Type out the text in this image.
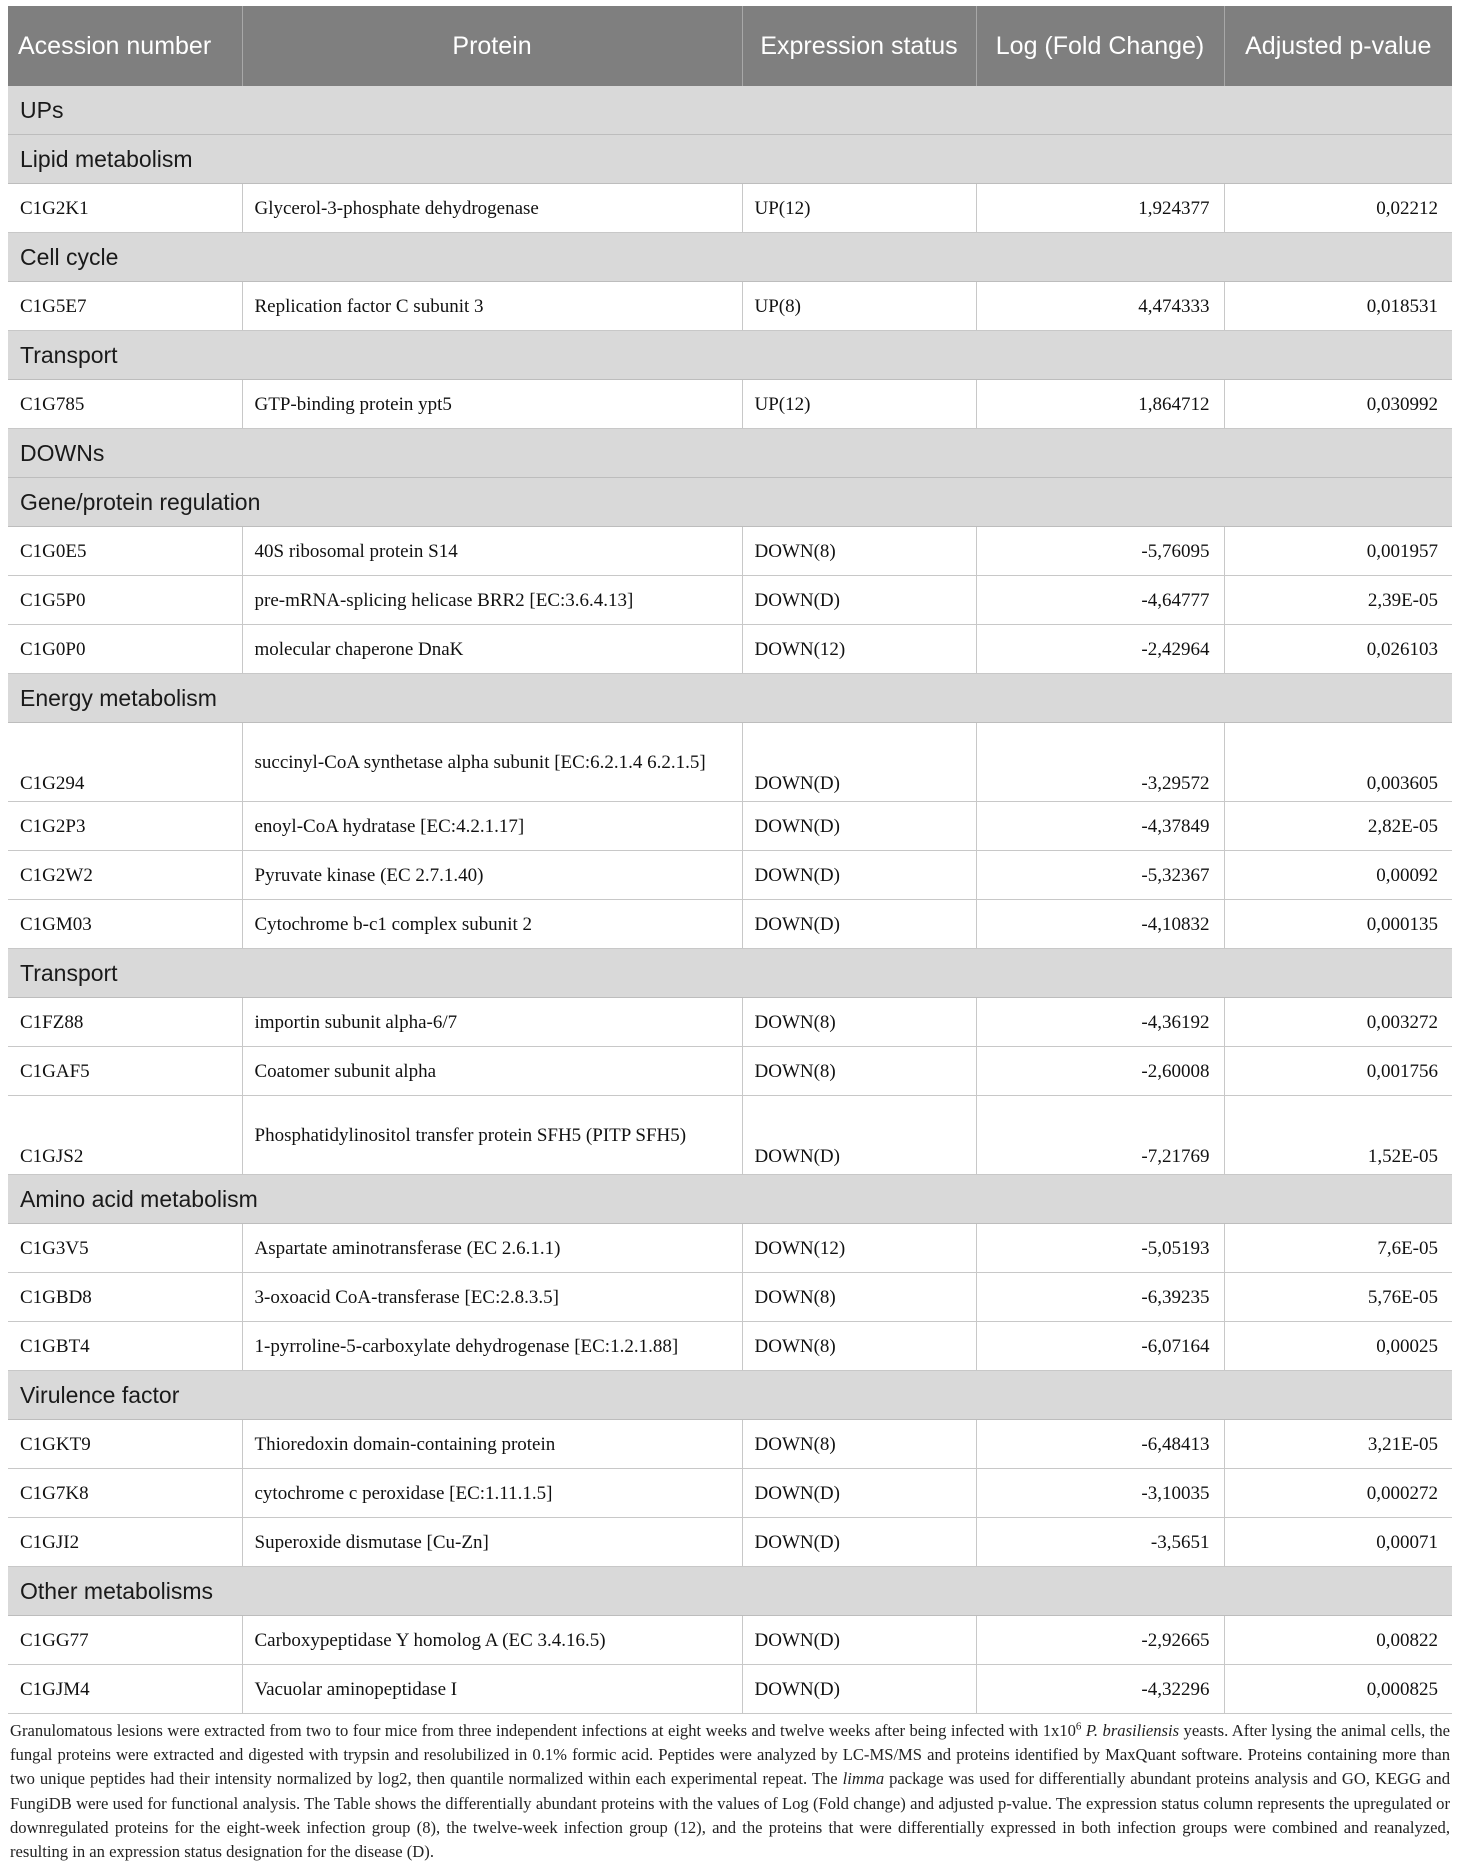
Acession number	Protein	Expression status	Log (Fold Change)	Adjusted p-value
UPs				
Lipid metabolism				
C1G2K1	Glycerol-3-phosphate dehydrogenase	UP(12)	1,924377	0,02212
Cell cycle				
C1G5E7	Replication factor C subunit 3	UP(8)	4,474333	0,018531
Transport				
C1G785	GTP-binding protein ypt5	UP(12)	1,864712	0,030992
DOWNs				
Gene/protein regulation				
C1G0E5	40S ribosomal protein S14	DOWN(8)	-5,76095	0,001957
C1G5P0	pre-mRNA-splicing helicase BRR2 [EC:3.6.4.13]	DOWN(D)	-4,64777	2,39E-05
C1G0P0	molecular chaperone DnaK	DOWN(12)	-2,42964	0,026103
Energy metabolism				
C1G294	succinyl-CoA synthetase alpha subunit [EC:6.2.1.4 6.2.1.5]	DOWN(D)	-3,29572	0,003605
C1G2P3	enoyl-CoA hydratase [EC:4.2.1.17]	DOWN(D)	-4,37849	2,82E-05
C1G2W2	Pyruvate kinase (EC 2.7.1.40)	DOWN(D)	-5,32367	0,00092
C1GM03	Cytochrome b-c1 complex subunit 2	DOWN(D)	-4,10832	0,000135
Transport				
C1FZ88	importin subunit alpha-6/7	DOWN(8)	-4,36192	0,003272
C1GAF5	Coatomer subunit alpha	DOWN(8)	-2,60008	0,001756
C1GJS2	Phosphatidylinositol transfer protein SFH5 (PITP SFH5)	DOWN(D)	-7,21769	1,52E-05
Amino acid metabolism				
C1G3V5	Aspartate aminotransferase (EC 2.6.1.1)	DOWN(12)	-5,05193	7,6E-05
C1GBD8	3-oxoacid CoA-transferase [EC:2.8.3.5]	DOWN(8)	-6,39235	5,76E-05
C1GBT4	1-pyrroline-5-carboxylate dehydrogenase [EC:1.2.1.88]	DOWN(8)	-6,07164	0,00025
Virulence factor				
C1GKT9	Thioredoxin domain-containing protein	DOWN(8)	-6,48413	3,21E-05
C1G7K8	cytochrome c peroxidase [EC:1.11.1.5]	DOWN(D)	-3,10035	0,000272
C1GJI2	Superoxide dismutase [Cu-Zn]	DOWN(D)	-3,5651	0,00071
Other metabolisms				
C1GG77	Carboxypeptidase Y homolog A (EC 3.4.16.5)	DOWN(D)	-2,92665	0,00822
C1GJM4	Vacuolar aminopeptidase I	DOWN(D)	-4,32296	0,000825
Granulomatous lesions were extracted from two to four mice from three independent infections at eight weeks and twelve weeks after being infected with $1x10^6$ P. brasiliensis yeasts. After lysing the animal cells, the fungal proteins were extracted and digested with trypsin and resolubilized in 0.1% formic acid. Peptides were analyzed by LC-MS/MS and proteins identified by MaxQuant software. Proteins containing more than two unique peptides had their intensity normalized by log2, then quantile normalized within each experimental repeat. The limma package was used for differentially abundant proteins analysis and GO, KEGG and FungiDB were used for functional analysis. The Table shows the differentially abundant proteins with the values of Log (Fold change) and adjusted p-value. The expression status column represents the upregulated or downregulated proteins for the eight-week infection group (8), the twelve-week infection group (12), and the proteins that were differentially expressed in both infection groups were combined and reanalyzed, resulting in an expression status designation for the disease (D).
